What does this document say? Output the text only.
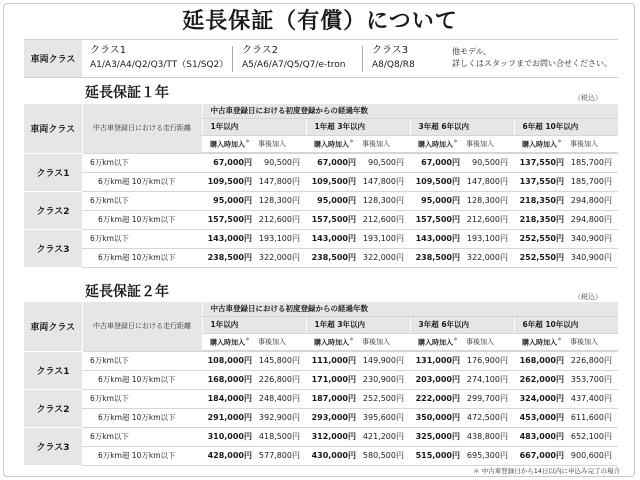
延長保証（有償）について
車両クラス
クラス1
A1/A3/A4/Q2/Q3/TT（S1/SQ2）
クラス2
A5/A6/A7/Q5/Q7/e-tron
クラス3
A8/Q8/R8
他モデル、
詳しくはスタッフまでお問い合せください。
延長保証１年	（税込）
車両クラス	中古車登録日における走行距離	中古車登録日における初度登録からの経過年数							
		1年以内		1年超 3年以内		3年超 6年以内		6年超 10年以内	
		購入時加入＊ 事後加入		購入時加入＊ 事後加入		購入時加入＊ 事後加入		購入時加入＊ 事後加入	

クラス1	6万km以下	67,000円	90,500円	67,000円	90,500円	67,000円	90,500円	137,550円	185,700円
	6万km超 10万km以下	109,500円	147,800円	109,500円	147,800円	109,500円	147,800円	137,550円	185,700円
クラス2	6万km以下	95,000円	128,300円	95,000円	128,300円	95,000円	128,300円	218,350円	294,800円
	6万km超 10万km以下	157,500円	212,600円	157,500円	212,600円	157,500円	212,600円	218,350円	294,800円
クラス3	6万km以下	143,000円	193,100円	143,000円	193,100円	143,000円	193,100円	252,550円	340,900円
	6万km超 10万km以下	238,500円	322,000円	238,500円	322,000円	238,500円	322,000円	252,550円	340,900円
延長保証２年	（税込）
車両クラス	中古車登録日における走行距離	中古車登録日における初度登録からの経過年数							
		1年以内		1年超 3年以内		3年超 6年以内		6年超 10年以内	
		購入時加入＊ 事後加入		購入時加入＊ 事後加入		購入時加入＊ 事後加入		購入時加入＊ 事後加入	

クラス1	6万km以下	108,000円	145,800円	111,000円	149,900円	131,000円	176,900円	168,000円	226,800円
	6万km超 10万km以下	168,000円	226,800円	171,000円	230,900円	203,000円	274,100円	262,000円	353,700円
クラス2	6万km以下	184,000円	248,400円	187,000円	252,500円	222,000円	299,700円	324,000円	437,400円
	6万km超 10万km以下	291,000円	392,900円	293,000円	395,600円	350,000円	472,500円	453,000円	611,600円
クラス3	6万km以下	310,000円	418,500円	312,000円	421,200円	325,000円	438,800円	483,000円	652,100円
	6万km超 10万km以下	428,000円	577,800円	430,000円	580,500円	515,000円	695,300円	667,000円	900,600円
＊ 中古車登録日から14日以内に申込み完了の場合
